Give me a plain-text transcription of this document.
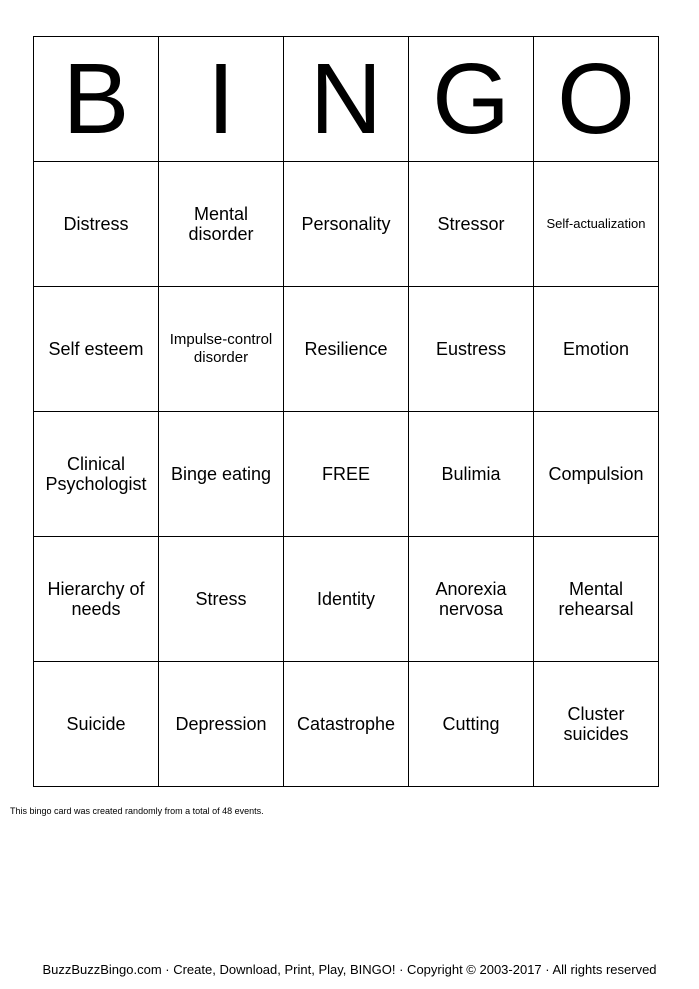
B	I	N	G	O
Distress	Mental disorder	Personality	Stressor	Self-actualization
Self esteem	Impulse-control disorder	Resilience	Eustress	Emotion
Clinical Psychologist	Binge eating	FREE	Bulimia	Compulsion
Hierarchy of needs	Stress	Identity	Anorexia nervosa	Mental rehearsal
Suicide	Depression	Catastrophe	Cutting	Cluster suicides
This bingo card was created randomly from a total of 48 events.
BuzzBuzzBingo.com · Create, Download, Print, Play, BINGO! · Copyright © 2003-2017 · All rights reserved
